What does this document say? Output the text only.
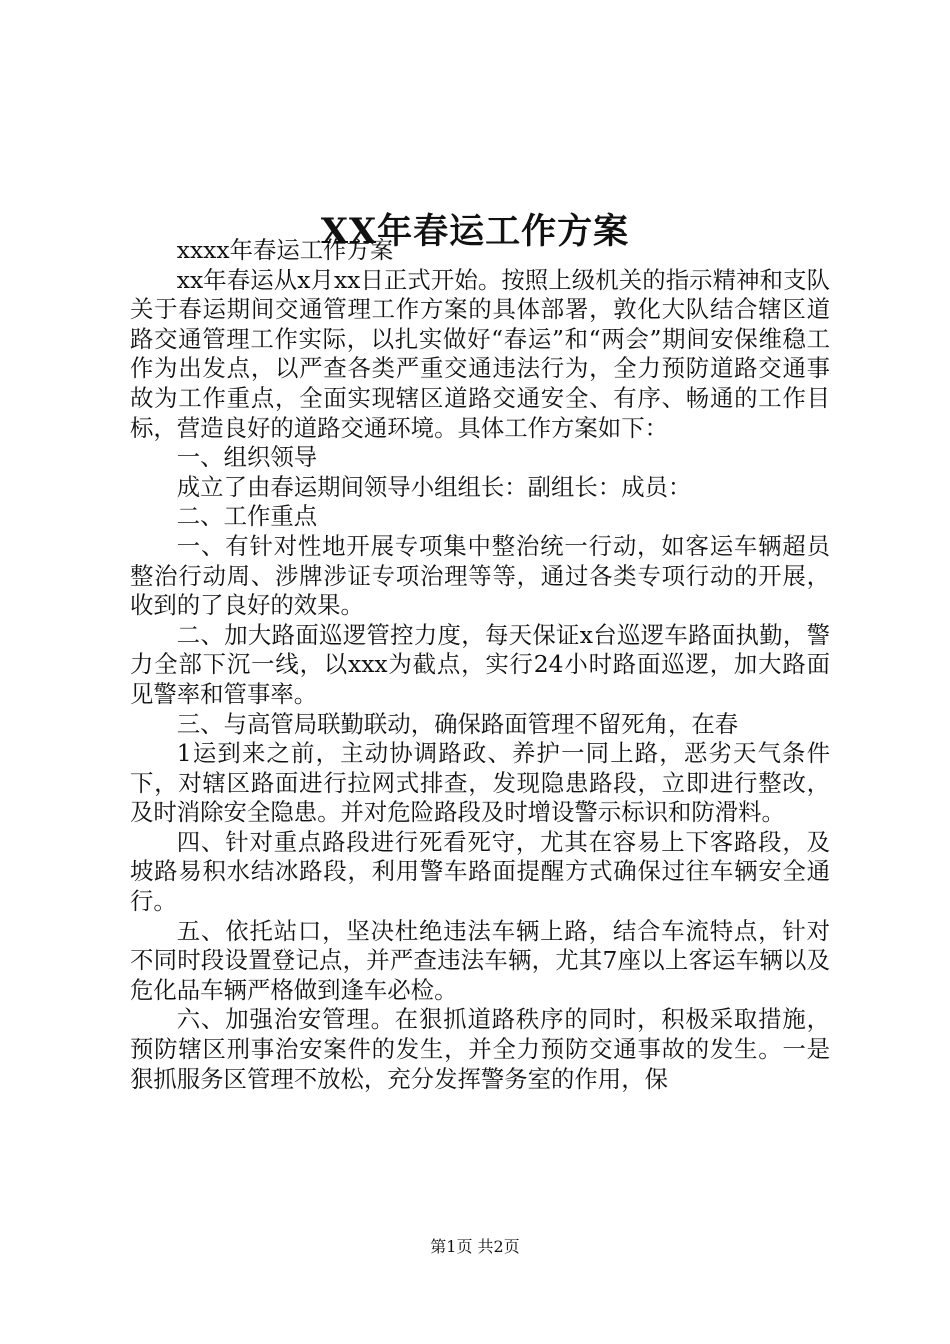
XX年春运工作方案

xxxx年春运工作方案

xx年春运从x月xx日正式开始。按照上级机关的指示精神和支队关于春运期间交通管理工作方案的具体部署，敦化大队结合辖区道路交通管理工作实际，以扎实做好“春运”和“两会”期间安保维稳工作为出发点，以严查各类严重交通违法行为，全力预防道路交通事故为工作重点，全面实现辖区道路交通安全、有序、畅通的工作目标，营造良好的道路交通环境。具体工作方案如下：

一、组织领导

成立了由春运期间领导小组组长：副组长：成员：

二、工作重点

一、有针对性地开展专项集中整治统一行动，如客运车辆超员整治行动周、涉牌涉证专项治理等等，通过各类专项行动的开展，收到的了良好的效果。

二、加大路面巡逻管控力度，每天保证x台巡逻车路面执勤，警力全部下沉一线，以xxx为截点，实行24小时路面巡逻，加大路面见警率和管事率。

三、与高管局联勤联动，确保路面管理不留死角，在春

1运到来之前，主动协调路政、养护一同上路，恶劣天气条件下，对辖区路面进行拉网式排查，发现隐患路段，立即进行整改，及时消除安全隐患。并对危险路段及时增设警示标识和防滑料。

四、针对重点路段进行死看死守，尤其在容易上下客路段，及坡路易积水结冰路段，利用警车路面提醒方式确保过往车辆安全通行。

五、依托站口，坚决杜绝违法车辆上路，结合车流特点，针对不同时段设置登记点，并严查违法车辆，尤其7座以上客运车辆以及危化品车辆严格做到逢车必检。

六、加强治安管理。在狠抓道路秩序的同时，积极采取措施，预防辖区刑事治安案件的发生，并全力预防交通事故的发生。一是狠抓服务区管理不放松，充分发挥警务室的作用，保

第1页 共2页
